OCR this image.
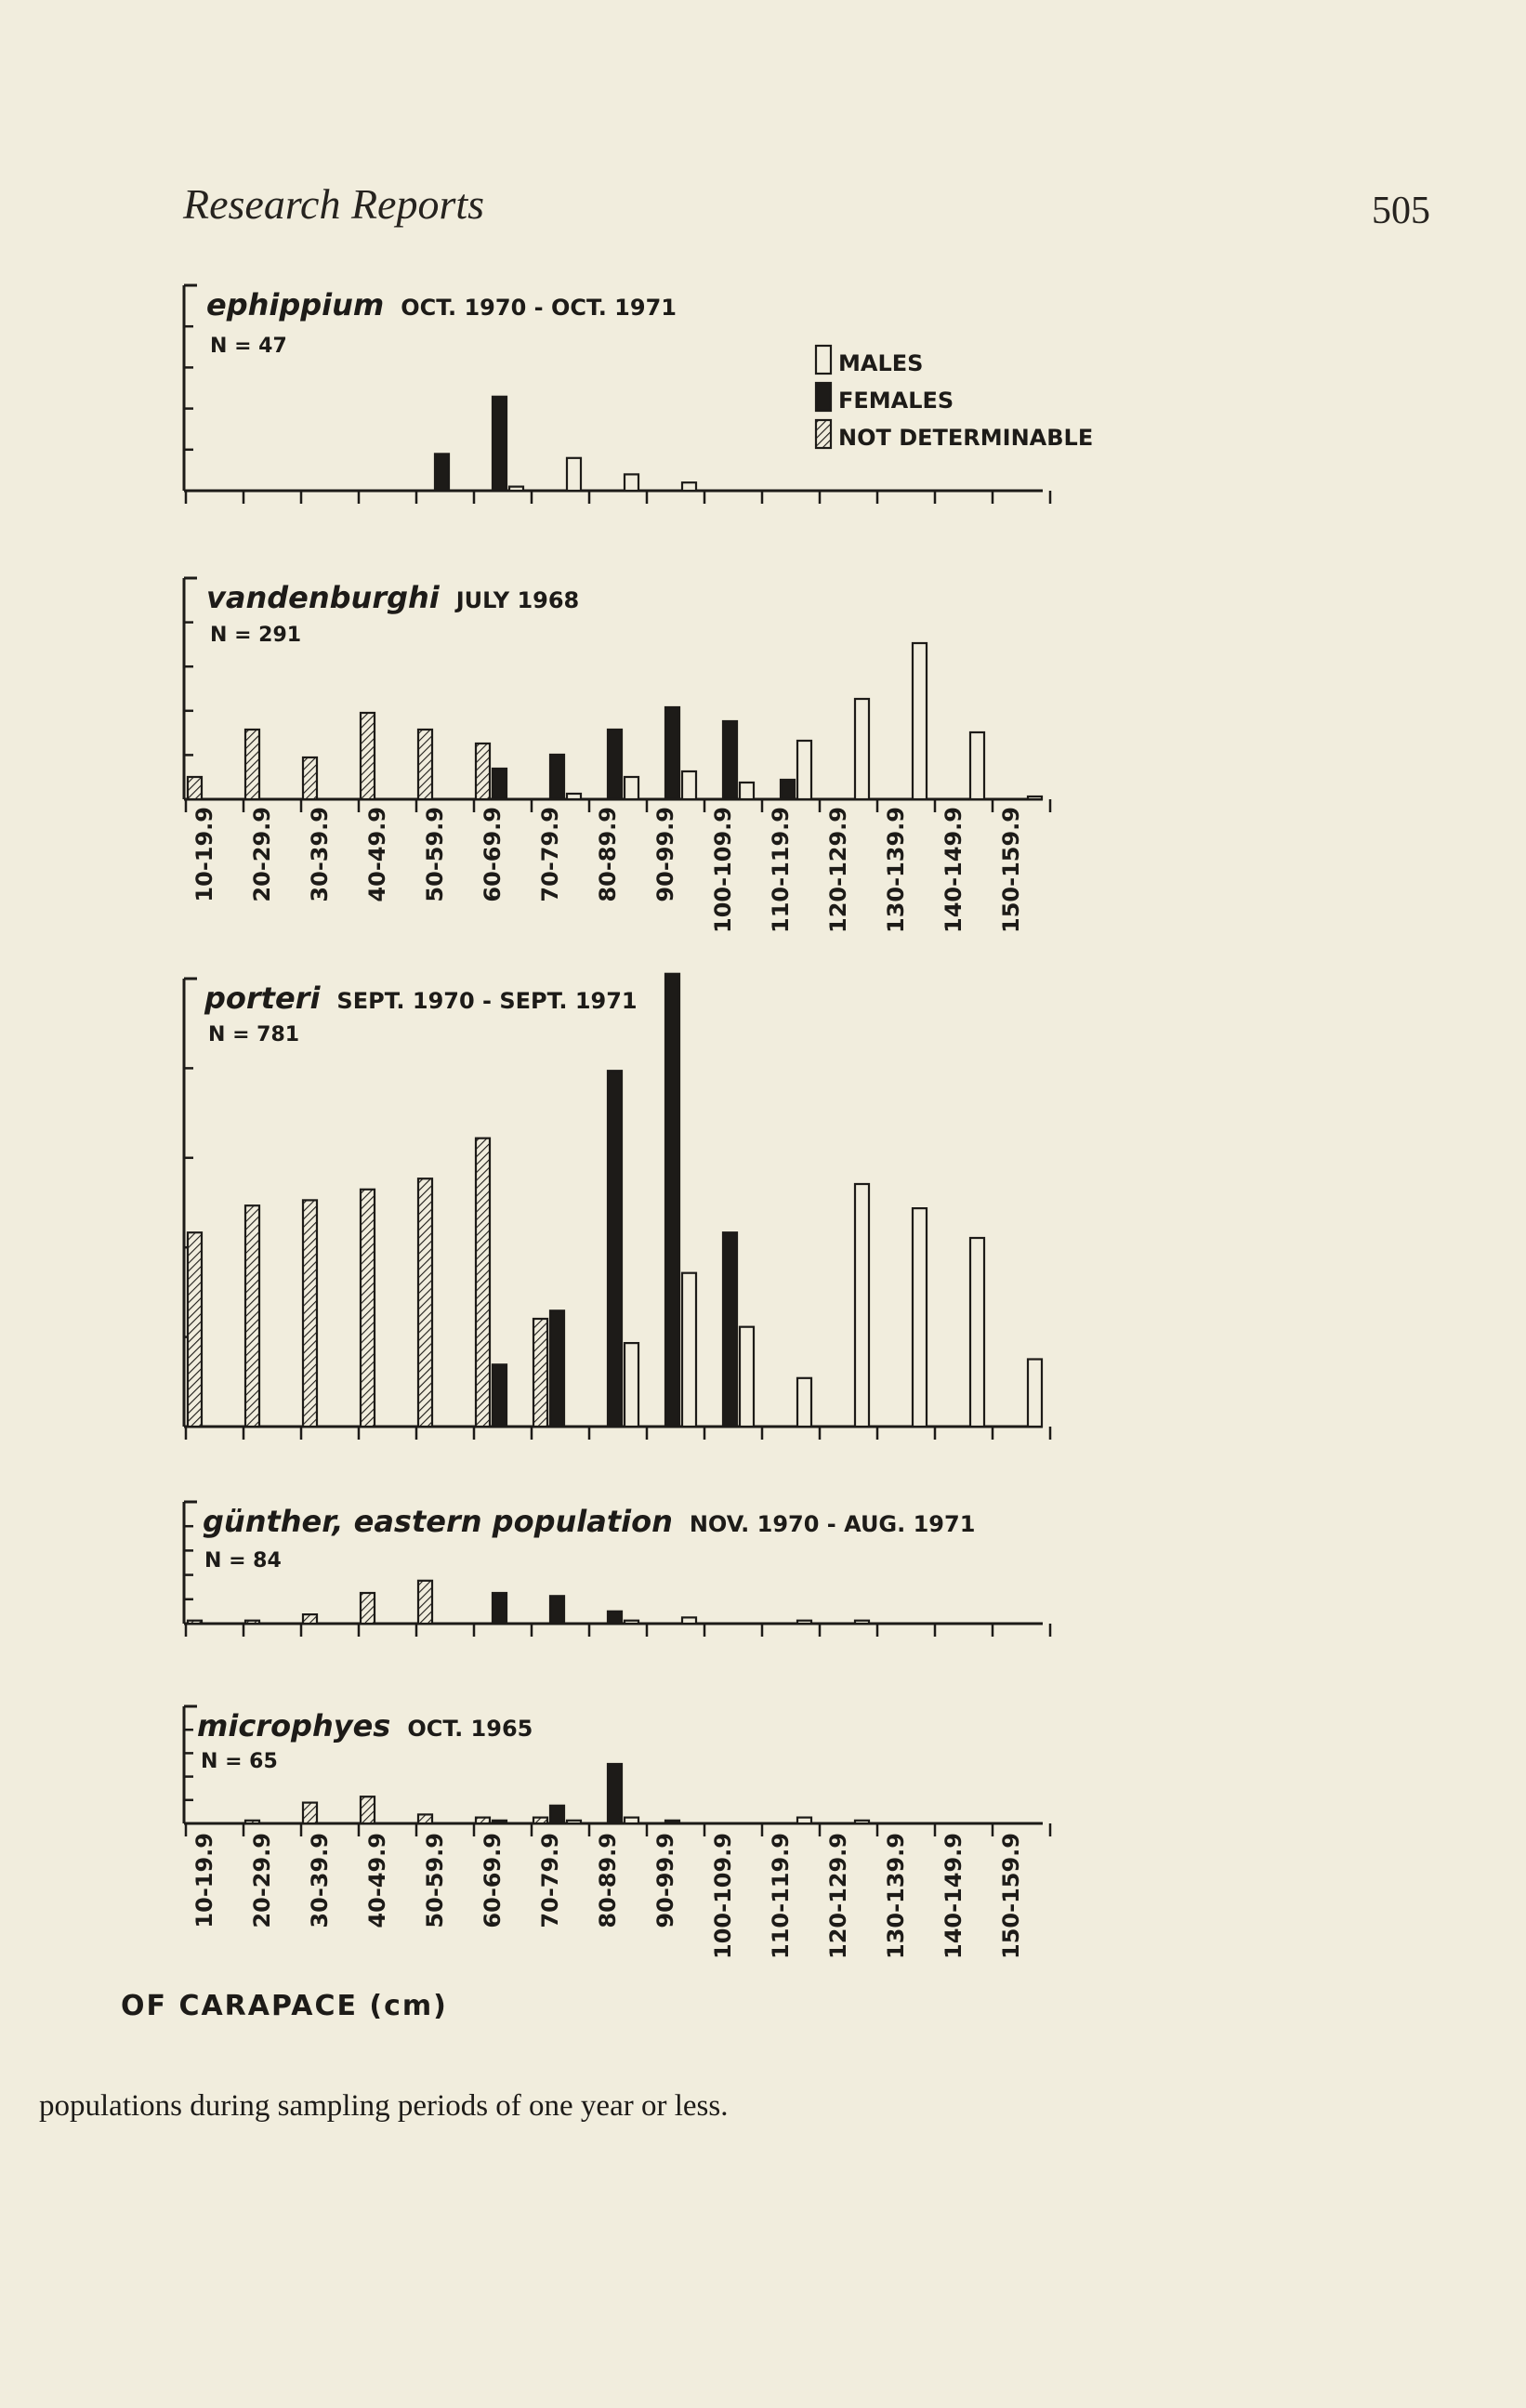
Research Reports	505
ephippium OCT. 1970 - OCT. 1971
N = 47
vandenburghi JULY 1968
N = 291
porteri SEPT. 1970 - SEPT. 1971
N = 781
günther, eastern population NOV. 1970 - AUG. 1971
N = 84
microphyes OCT. 1965
N = 65
MALES
FEMALES
NOT DETERMINABLE
10-19.9 20-29.9 30-39.9 40-49.9 50-59.9 60-69.9 70-79.9 80-89.9 90-99.9 100-109.9 110-119.9 120-129.9 130-139.9 140-149.9 150-159.9
10-19.9 20-29.9 30-39.9 40-49.9 50-59.9 60-69.9 70-79.9 80-89.9 90-99.9 100-109.9 110-119.9 120-129.9 130-139.9 140-149.9 150-159.9
OF CARAPACE (cm)
populations during sampling periods of one year or less.
